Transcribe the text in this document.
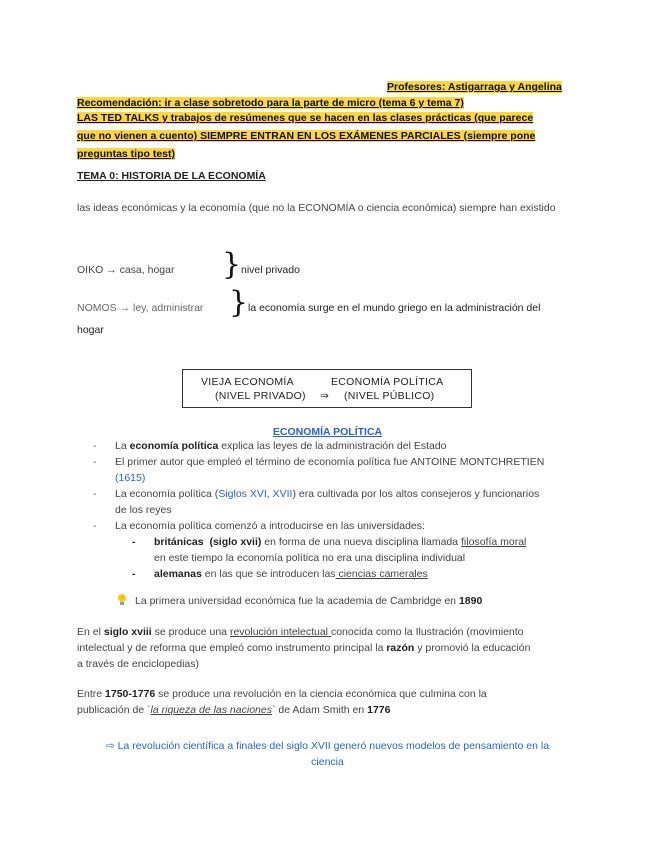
Profesores: Astigarraga y Angelina
Recomendación: ir a clase sobretodo para la parte de micro (tema 6 y tema 7)
LAS TED TALKS y trabajos de resúmenes que se hacen en las clases prácticas (que parece
que no vienen a cuento) SIEMPRE ENTRAN EN LOS EXÁMENES PARCIALES (siempre pone
preguntas tipo test)
TEMA 0: HISTORIA DE LA ECONOMÍA
las ideas económicas y la economía (que no la ECONOMÍA o ciencia económica) siempre han existido
OIKO → casa, hogar } nivel privado
NOMOS → ley, administrar } la economía surge en el mundo griego en la administración del
hogar
VIEJA ECONOMÍA	ECONOMÍA POLÍTICA
(NIVEL PRIVADO) ⇒ (NIVEL PÚBLICO)
ECONOMÍA POLÍTICA
- La economía política explica las leyes de la administración del Estado
- El primer autor que empleó el término de economía política fue ANTOINE MONTCHRETIEN
(1615)
- La economía política (Siglos XVI, XVII) era cultivada por los altos consejeros y funcionarios
de los reyes
- La economía política comenzó a introducirse en las universidades:
- británicas (siglo xvii) en forma de una nueva disciplina llamada filosofía moral
en este tiempo la economía política no era una disciplina individual
- alemanas en las que se introducen las ciencias camerales
La primera universidad económica fue la academia de Cambridge en 1890
En el siglo xviii se produce una revolución intelectual conocida como la Ilustración (movimiento
intelectual y de reforma que empleó como instrumento principal la razón y promovió la educación
a través de enciclopedias)
Entre 1750-1776 se produce una revolución en la ciencia económica que culmina con la
publicación de `la riqueza de las naciones` de Adam Smith en 1776
⇨ La revolución científica a finales del siglo XVII generó nuevos modelos de pensamiento en la
ciencia
